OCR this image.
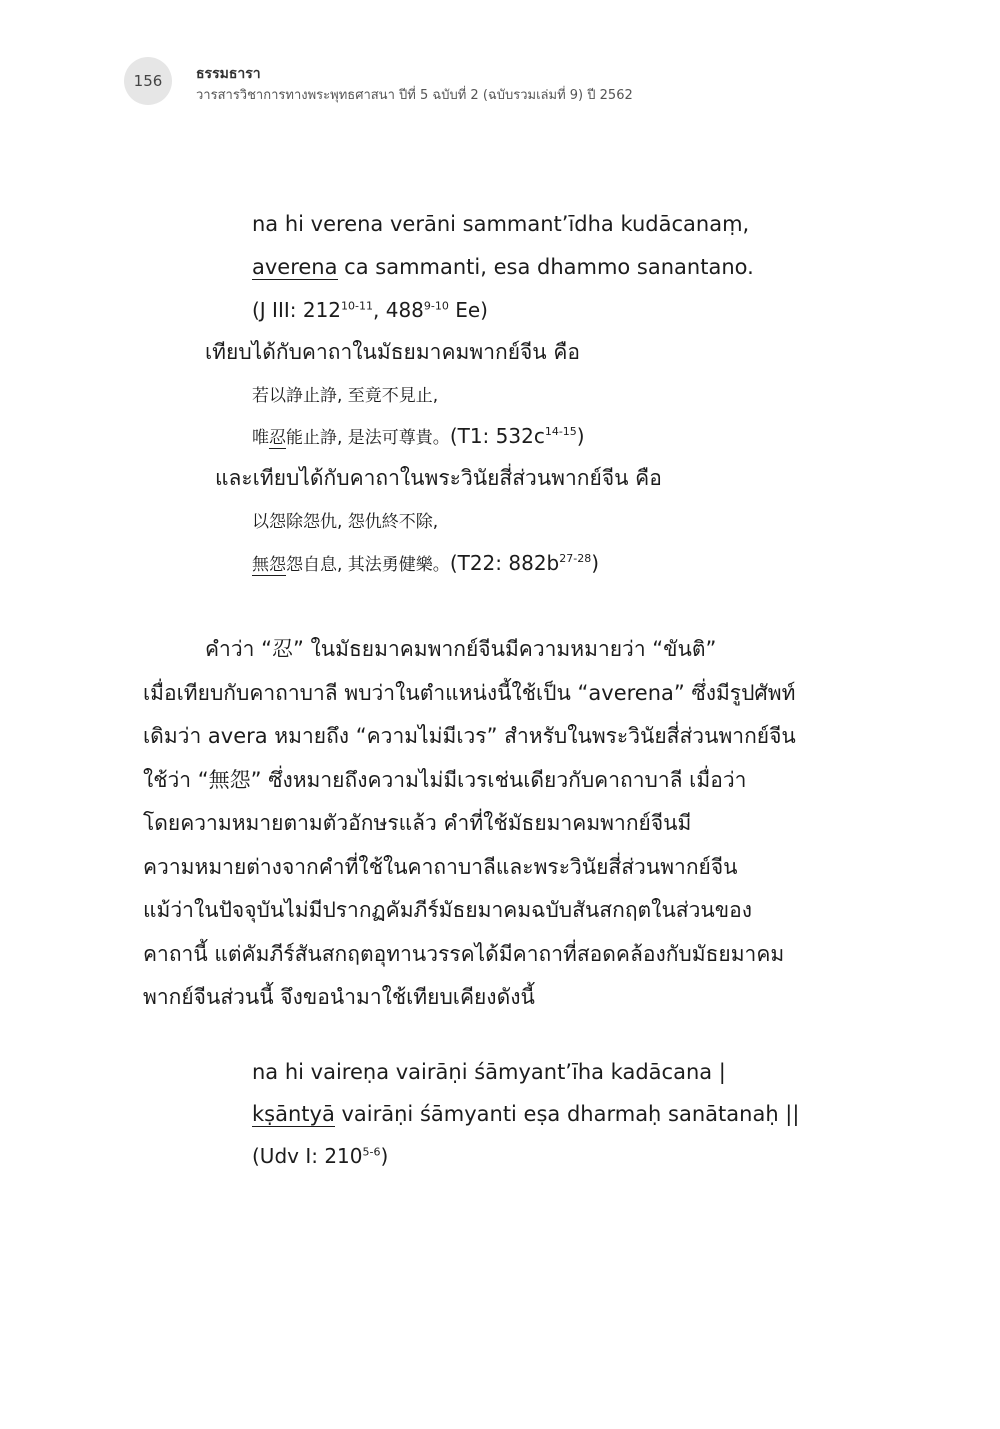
156	ธรรมธารา
วารสารวิชาการทางพระพุทธศาสนา ปีที่ 5 ฉบับที่ 2 (ฉบับรวมเล่มที่ 9) ปี 2562
na hi verena verāni sammant’īdha kudācanaṃ,
averena ca sammanti, esa dhammo sanantano.
(J III: 212$^{10-11}$, 488$^{9-10}$ Ee)
เทียบได้กับคาถาในมัธยมาคมพากย์จีน คือ
若以諍止諍, 至竟不見止,
唯忍能止諍, 是法可尊貴。(T1: $532c^{14-15}$)
และเทียบได้กับคาถาในพระวินัยสี่ส่วนพากย์จีน คือ
以怨除怨仇, 怨仇終不除,
無怨怨自息, 其法勇健樂。(T22: $882b^{27-28}$)
คำว่า “忍” ในมัธยมาคมพากย์จีนมีความหมายว่า “ขันติ”
เมื่อเทียบกับคาถาบาลี พบว่าในตำแหน่งนี้ใช้เป็น “averena” ซึ่งมีรูปศัพท์
เดิมว่า avera หมายถึง “ความไม่มีเวร” สำหรับในพระวินัยสี่ส่วนพากย์จีน
ใช้ว่า “無怨” ซึ่งหมายถึงความไม่มีเวรเช่นเดียวกับคาถาบาลี เมื่อว่า
โดยความหมายตามตัวอักษรแล้ว คำที่ใช้มัธยมาคมพากย์จีนมี
ความหมายต่างจากคำที่ใช้ในคาถาบาลีและพระวินัยสี่ส่วนพากย์จีน
แม้ว่าในปัจจุบันไม่มีปรากฏคัมภีร์มัธยมาคมฉบับสันสกฤตในส่วนของ
คาถานี้ แต่คัมภีร์สันสกฤตอุทานวรรคได้มีคาถาที่สอดคล้องกับมัธยมาคม
พากย์จีนส่วนนี้ จึงขอนำมาใช้เทียบเคียงดังนี้
na hi vaireṇa vairāṇi śāmyant’īha kadācana |
kṣāntyā vairāṇi śāmyanti eṣa dharmaḥ sanātanaḥ ||
(Udv I: 210$^{5-6}$)
